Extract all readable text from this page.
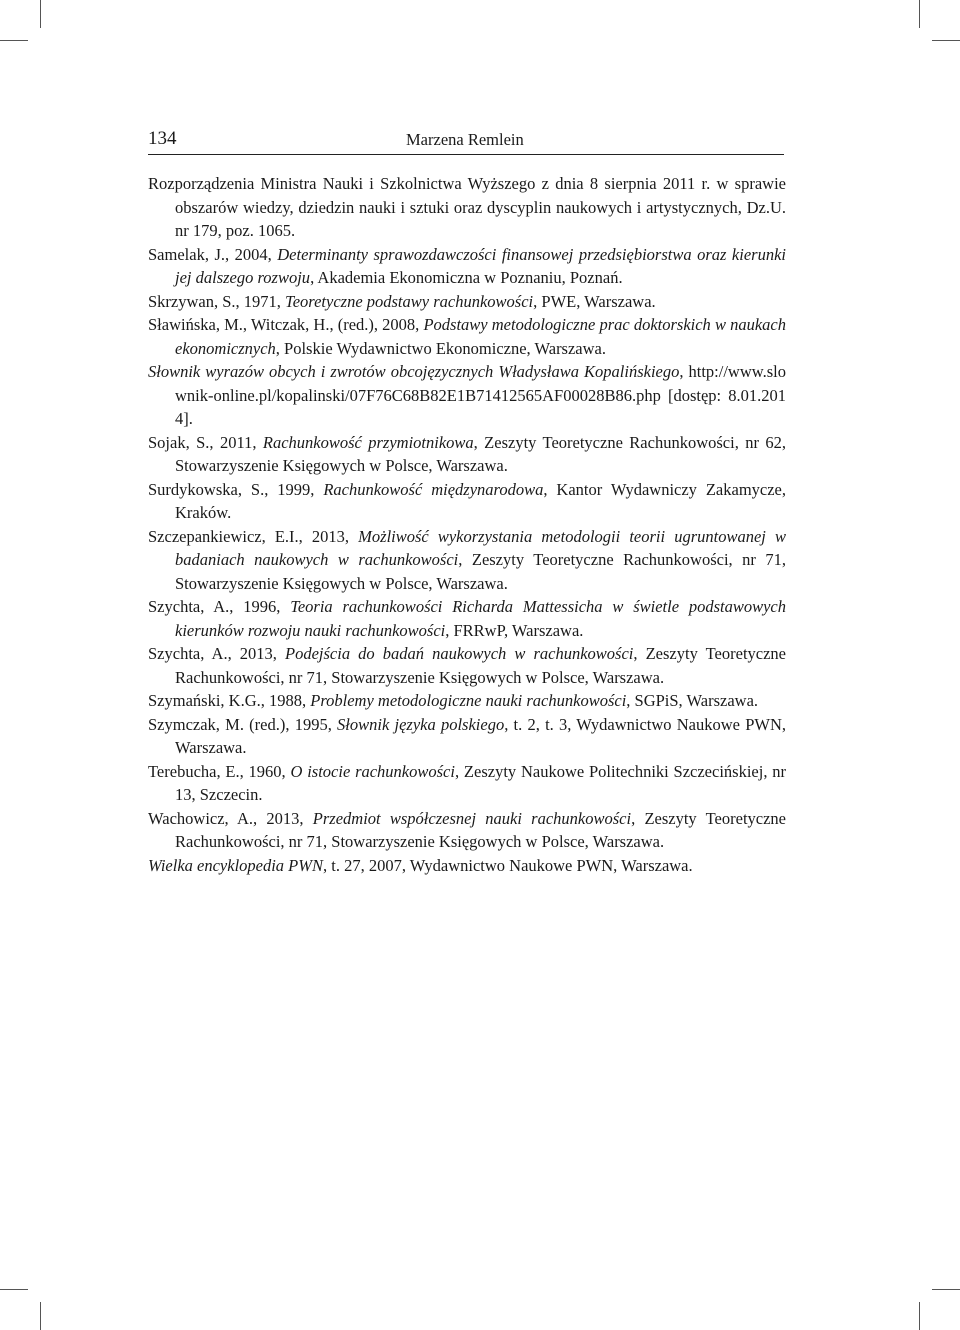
134	Marzena Remlein

Rozporządzenia Ministra Nauki i Szkolnictwa Wyższego z dnia 8 sierpnia 2011 r. w sprawie obszarów wiedzy, dziedzin nauki i sztuki oraz dyscyplin naukowych i artystycznych, Dz.U. nr 179, poz. 1065.

Samelak, J., 2004, Determinanty sprawozdawczości finansowej przedsiębiorstwa oraz kierunki jej dalszego rozwoju, Akademia Ekonomiczna w Poznaniu, Poznań.

Skrzywan, S., 1971, Teoretyczne podstawy rachunkowości, PWE, Warszawa.

Sławińska, M., Witczak, H., (red.), 2008, Podstawy metodologiczne prac doktorskich w naukach ekonomicznych, Polskie Wydawnictwo Ekonomiczne, Warszawa.

Słownik wyrazów obcych i zwrotów obcojęzycznych Władysława Kopalińskiego, http://www.slownik-online.pl/kopalinski/07F76C68B82E1B71412565AF00028B86.php [dostęp: 8.01.2014].

Sojak, S., 2011, Rachunkowość przymiotnikowa, Zeszyty Teoretyczne Rachunkowości, nr 62, Stowarzyszenie Księgowych w Polsce, Warszawa.

Surdykowska, S., 1999, Rachunkowość międzynarodowa, Kantor Wydawniczy Zakamycze, Kraków.

Szczepankiewicz, E.I., 2013, Możliwość wykorzystania metodologii teorii ugruntowanej w badaniach naukowych w rachunkowości, Zeszyty Teoretyczne Rachunkowości, nr 71, Stowarzyszenie Księgowych w Polsce, Warszawa.

Szychta, A., 1996, Teoria rachunkowości Richarda Mattessicha w świetle podstawowych kierunków rozwoju nauki rachunkowości, FRRwP, Warszawa.

Szychta, A., 2013, Podejścia do badań naukowych w rachunkowości, Zeszyty Teoretyczne Rachunkowości, nr 71, Stowarzyszenie Księgowych w Polsce, Warszawa.

Szymański, K.G., 1988, Problemy metodologiczne nauki rachunkowości, SGPiS, Warszawa.

Szymczak, M. (red.), 1995, Słownik języka polskiego, t. 2, t. 3, Wydawnictwo Naukowe PWN, Warszawa.

Terebucha, E., 1960, O istocie rachunkowości, Zeszyty Naukowe Politechniki Szczecińskiej, nr 13, Szczecin.

Wachowicz, A., 2013, Przedmiot współczesnej nauki rachunkowości, Zeszyty Teoretyczne Rachunkowości, nr 71, Stowarzyszenie Księgowych w Polsce, Warszawa.

Wielka encyklopedia PWN, t. 27, 2007, Wydawnictwo Naukowe PWN, Warszawa.
